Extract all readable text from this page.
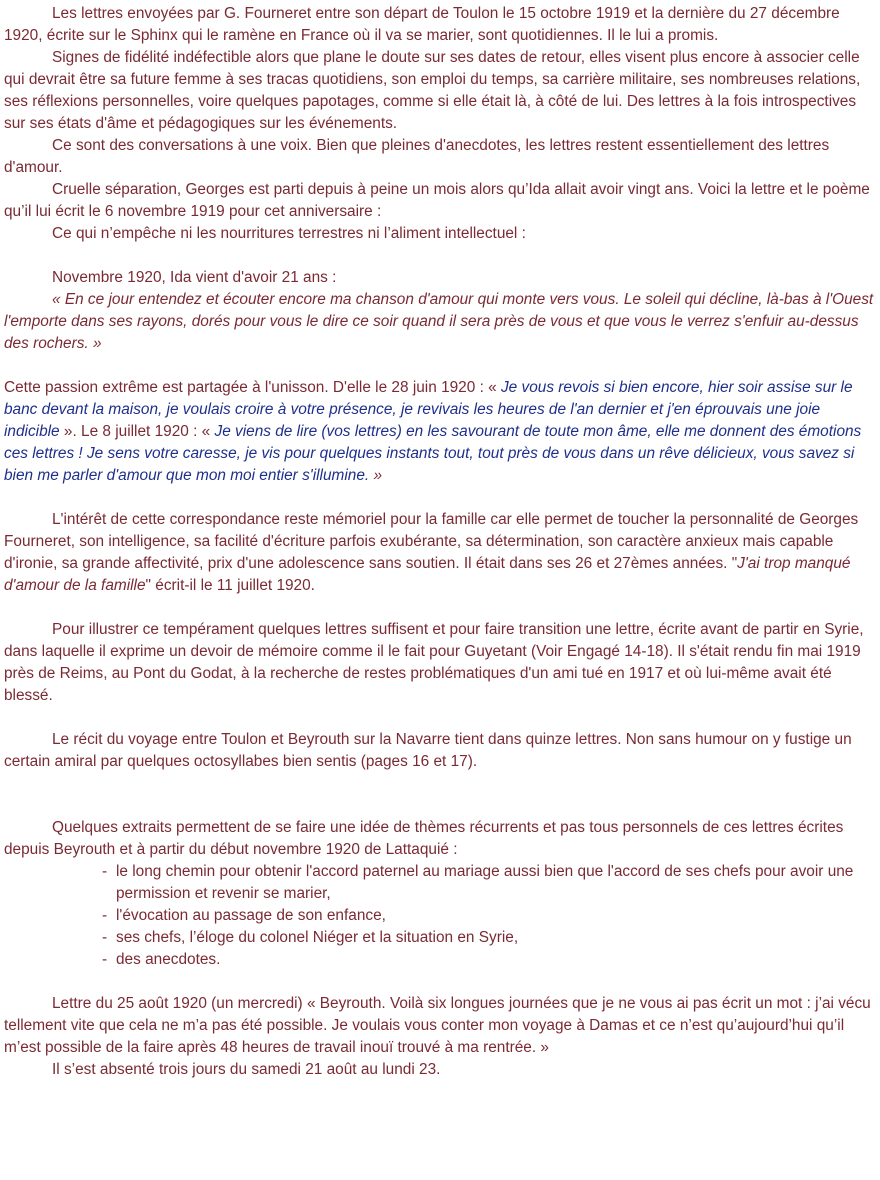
Les lettres envoyées par G. Fourneret entre son départ de Toulon le 15 octobre 1919 et la dernière du 27 décembre 1920, écrite sur le Sphinx qui le ramène en France où il va se marier, sont quotidiennes. Il le lui a promis.

Signes de fidélité indéfectible alors que plane le doute sur ses dates de retour, elles visent plus encore à associer celle qui devrait être sa future femme à ses tracas quotidiens, son emploi du temps, sa carrière militaire, ses nombreuses relations, ses réflexions personnelles, voire quelques papotages, comme si elle était là, à côté de lui. Des lettres à la fois introspectives sur ses états d'âme et pédagogiques sur les événements.

Ce sont des conversations à une voix. Bien que pleines d'anecdotes, les lettres restent essentiellement des lettres d'amour.

Cruelle séparation, Georges est parti depuis à peine un mois alors qu’Ida allait avoir vingt ans. Voici la lettre et le poème qu’il lui écrit le 6 novembre 1919 pour cet anniversaire :

Ce qui n’empêche ni les nourritures terrestres ni l’aliment intellectuel :

Novembre 1920, Ida vient d'avoir 21 ans :

« En ce jour entendez et écouter encore ma chanson d'amour qui monte vers vous. Le soleil qui décline, là-bas à l'Ouest l'emporte dans ses rayons, dorés pour vous le dire ce soir quand il sera près de vous et que vous le verrez s'enfuir au-dessus des rochers. »

Cette passion extrême est partagée à l'unisson. D'elle le 28 juin 1920 : « Je vous revois si bien encore, hier soir assise sur le banc devant la maison, je voulais croire à votre présence, je revivais les heures de l'an dernier et j'en éprouvais une joie indicible ». Le 8 juillet 1920 : « Je viens de lire (vos lettres) en les savourant de toute mon âme, elle me donnent des émotions ces lettres ! Je sens votre caresse, je vis pour quelques instants tout, tout près de vous dans un rêve délicieux, vous savez si bien me parler d'amour que mon moi entier s'illumine. »

L'intérêt de cette correspondance reste mémoriel pour la famille car elle permet de toucher la personnalité de Georges Fourneret, son intelligence, sa facilité d'écriture parfois exubérante, sa détermination, son caractère anxieux mais capable d'ironie, sa grande affectivité, prix d'une adolescence sans soutien. Il était dans ses 26 et 27èmes années. "J'ai trop manqué d'amour de la famille" écrit-il le 11 juillet 1920.

Pour illustrer ce tempérament quelques lettres suffisent et pour faire transition une lettre, écrite avant de partir en Syrie, dans laquelle il exprime un devoir de mémoire comme il le fait pour Guyetant (Voir Engagé 14-18). Il s'était rendu fin mai 1919 près de Reims, au Pont du Godat, à la recherche de restes problématiques d'un ami tué en 1917 et où lui-même avait été blessé.

Le récit du voyage entre Toulon et Beyrouth sur la Navarre tient dans quinze lettres. Non sans humour on y fustige un certain amiral par quelques octosyllabes bien sentis (pages 16 et 17).

Quelques extraits permettent de se faire une idée de thèmes récurrents et pas tous personnels de ces lettres écrites depuis Beyrouth et à partir du début novembre 1920 de Lattaquié :

- le long chemin pour obtenir l'accord paternel au mariage aussi bien que l'accord de ses chefs pour avoir une permission et revenir se marier,
- l'évocation au passage de son enfance,
- ses chefs, l’éloge du colonel Niéger et la situation en Syrie,
- des anecdotes.

Lettre du 25 août 1920 (un mercredi) « Beyrouth. Voilà six longues journées que je ne vous ai pas écrit un mot : j’ai vécu tellement vite que cela ne m’a pas été possible. Je voulais vous conter mon voyage à Damas et ce n’est qu’aujourd’hui qu’il m’est possible de la faire après 48 heures de travail inouï trouvé à ma rentrée. »

Il s’est absenté trois jours du samedi 21 août au lundi 23.
